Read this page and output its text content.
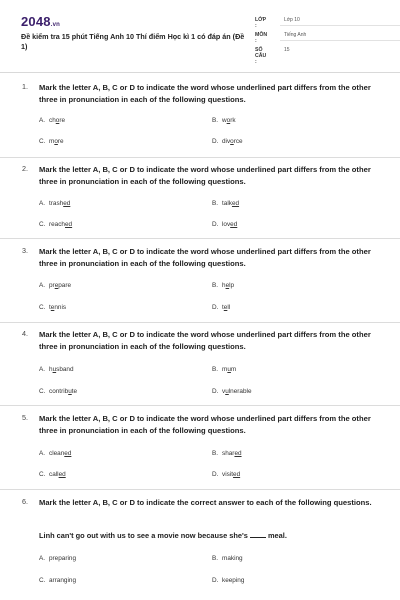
2048.vn
Đề kiểm tra 15 phút Tiếng Anh 10 Thí điểm Học kì 1 có đáp án (Đề 1)
LỚP :
Lớp 10
MÔN :
Tiếng Anh
SỐ CÂU :
15
1. Mark the letter A, B, C or D to indicate the word whose underlined part differs from the other three in pronunciation in each of the following questions.
A. chore	B. work
C. more	D. divorce
2. Mark the letter A, B, C or D to indicate the word whose underlined part differs from the other three in pronunciation in each of the following questions.
A. trashed	B. talked
C. reached	D. loved
3. Mark the letter A, B, C or D to indicate the word whose underlined part differs from the other three in pronunciation in each of the following questions.
A. prepare	B. help
C. tennis	D. tell
4. Mark the letter A, B, C or D to indicate the word whose underlined part differs from the other three in pronunciation in each of the following questions.
A. husband	B. mum
C. contribute	D. vulnerable
5. Mark the letter A, B, C or D to indicate the word whose underlined part differs from the other three in pronunciation in each of the following questions.
A. cleaned	B. shared
C. called	D. visited
6. Mark the letter A, B, C or D to indicate the correct answer to each of the following questions.
Linh can't go out with us to see a movie now because she's	meal.
A. preparing	B. making
C. arranging	D. keeping
